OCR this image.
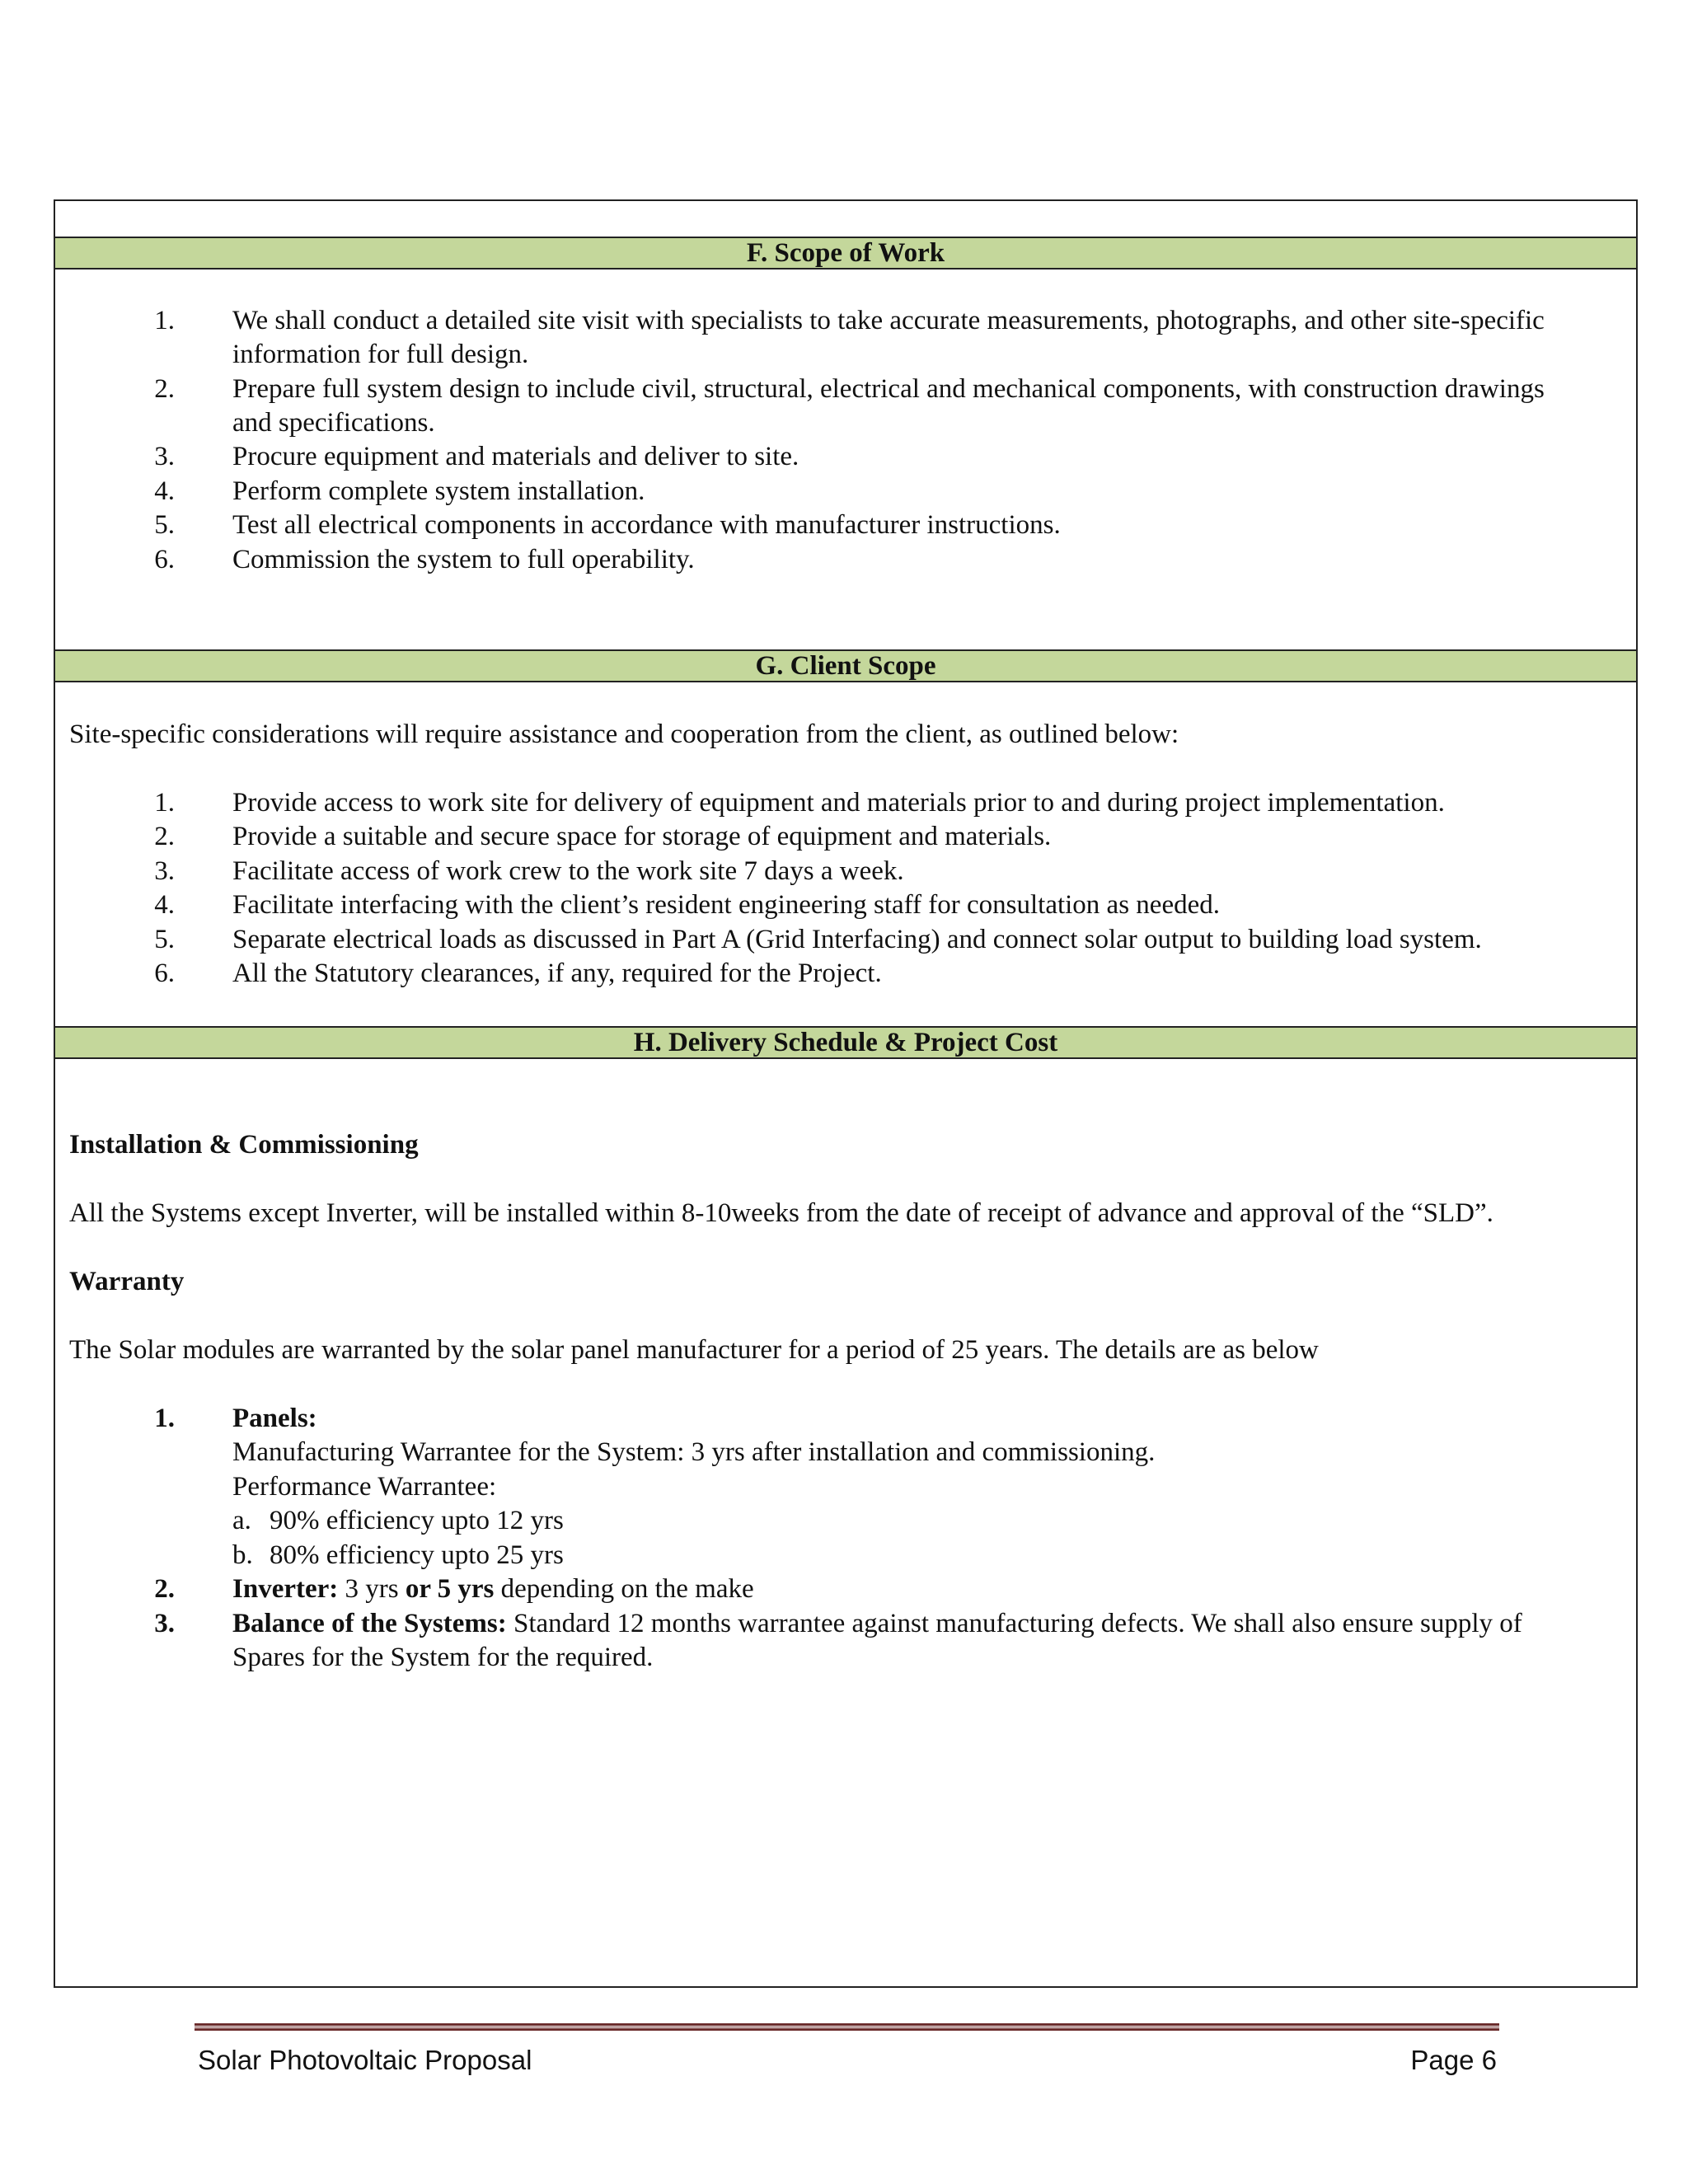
F. Scope of Work
1. We shall conduct a detailed site visit with specialists to take accurate measurements, photographs, and other site-specific
information for full design.
2. Prepare full system design to include civil, structural, electrical and mechanical components, with construction drawings
and specifications.
3. Procure equipment and materials and deliver to site.
4. Perform complete system installation.
5. Test all electrical components in accordance with manufacturer instructions.
6. Commission the system to full operability.
G. Client Scope
Site-specific considerations will require assistance and cooperation from the client, as outlined below:
1. Provide access to work site for delivery of equipment and materials prior to and during project implementation.
2. Provide a suitable and secure space for storage of equipment and materials.
3. Facilitate access of work crew to the work site 7 days a week.
4. Facilitate interfacing with the client’s resident engineering staff for consultation as needed.
5. Separate electrical loads as discussed in Part A (Grid Interfacing) and connect solar output to building load system.
6. All the Statutory clearances, if any, required for the Project.
H. Delivery Schedule & Project Cost
Installation & Commissioning
All the Systems except Inverter, will be installed within 8-10weeks from the date of receipt of advance and approval of the “SLD”.
Warranty
The Solar modules are warranted by the solar panel manufacturer for a period of 25 years. The details are as below
1. Panels:
Manufacturing Warrantee for the System: 3 yrs after installation and commissioning.
Performance Warrantee:
a. 90% efficiency upto 12 yrs
b. 80% efficiency upto 25 yrs
2. Inverter: 3 yrs or 5 yrs depending on the make
3. Balance of the Systems: Standard 12 months warrantee against manufacturing defects. We shall also ensure supply of
Spares for the System for the required.
Solar Photovoltaic Proposal	Page 6
